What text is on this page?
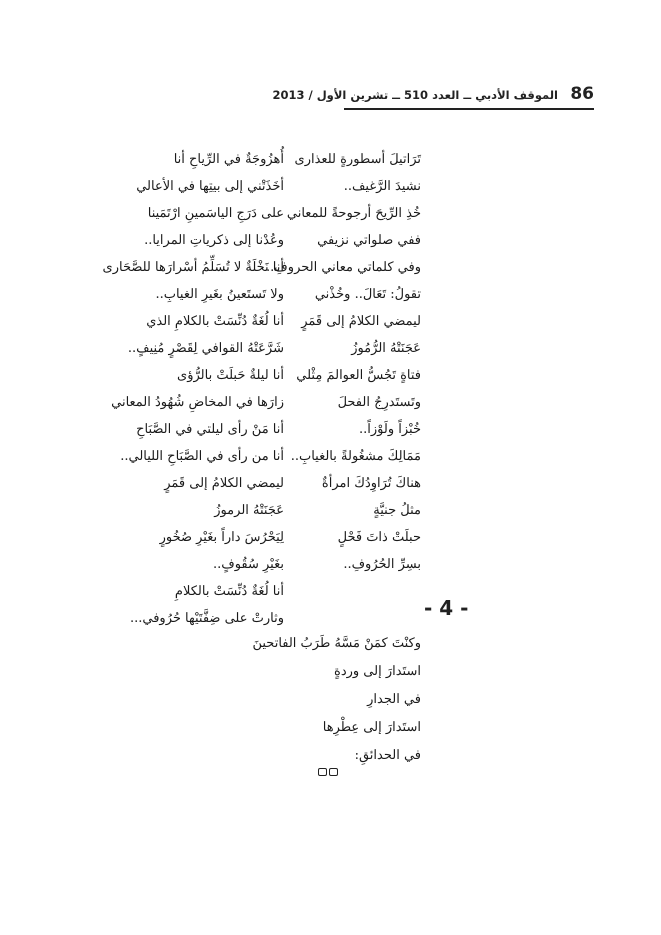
86
الموقف الأدبي ــ العدد 510 ــ تشرين الأول / 2013
تَرَاتيلَ أسطورةٍ للعذارى
نشيدَ الرَّغيف..
خُذِ الرِّيحَ أرجوحةً للمعاني
ففي صلواتي نزيفي
وفي كلماتي معاني الحروفِ..
تقولُ: تَعَالَ.. وخُذْني
ليمضي الكلامُ إلى قَمَرٍ
عَجَنَتْهُ الرُّمُوزُ
فتاةٍ تَجُسُّ العوالمَ مِثْلي
وتَستَدرِجُ الفحلَ
خُبْزاً ولَوْزاً..
مَمَالِكَ مشغُولةً بالغيابِ..
هناكَ تُرَاوِدُكَ امرأةٌ
مثلُ جنيَّةٍ
حبلَتْ ذاتَ فَحْلٍ
بسِرِّ الحُرُوفِ..
أُهزُوجَةٌ في الرِّياحِ أنا
أخَذَتْني إلى بيتِها في الأعالي
على دَرَجِ الياسَمينِ ارْتَمَينا
وعُدْنا إلى ذكرياتِ المرايا..
أنا نَخْلَةٌ لا تُسَلِّمُ أسْرارَها للصَّحَارى
ولا تَستَعينُ بغَيرِ الغيابِ..
أنا لُغَةٌ دُنِّسَتْ بالكلامِ الذي
شَرَّعَتْهُ القوافي لِقَصْرٍ مُنِيفٍ..
أنا ليلةٌ حَبلَتْ بالرُّؤى
زارَها في المخاضِ شُهُودُ المعاني
أنا مَنْ رأى ليلتي في الصَّبَاحِ
أنا من رأى في الصَّبَاحِ الليالي..
ليمضي الكلامُ إلى قَمَرٍ
عَجَنَتْهُ الرموزُ
لِيَحْرُسَ داراً بغَيْرِ صُخُورٍ
بغَيْرِ سُقُوفٍ..
أنا لُغَةٌ دُنِّسَتْ بالكلامِ
وثارتْ على ضِفَّتَيْها حُرُوفي...	- 4 -
وكنْتَ كمَنْ مَسَّهُ طَرَبُ الفاتحينَ
استَدارَ إلى وردةٍ
في الجدارِ
استَدارَ إلى عِطْرِها
في الحدائقِ:
